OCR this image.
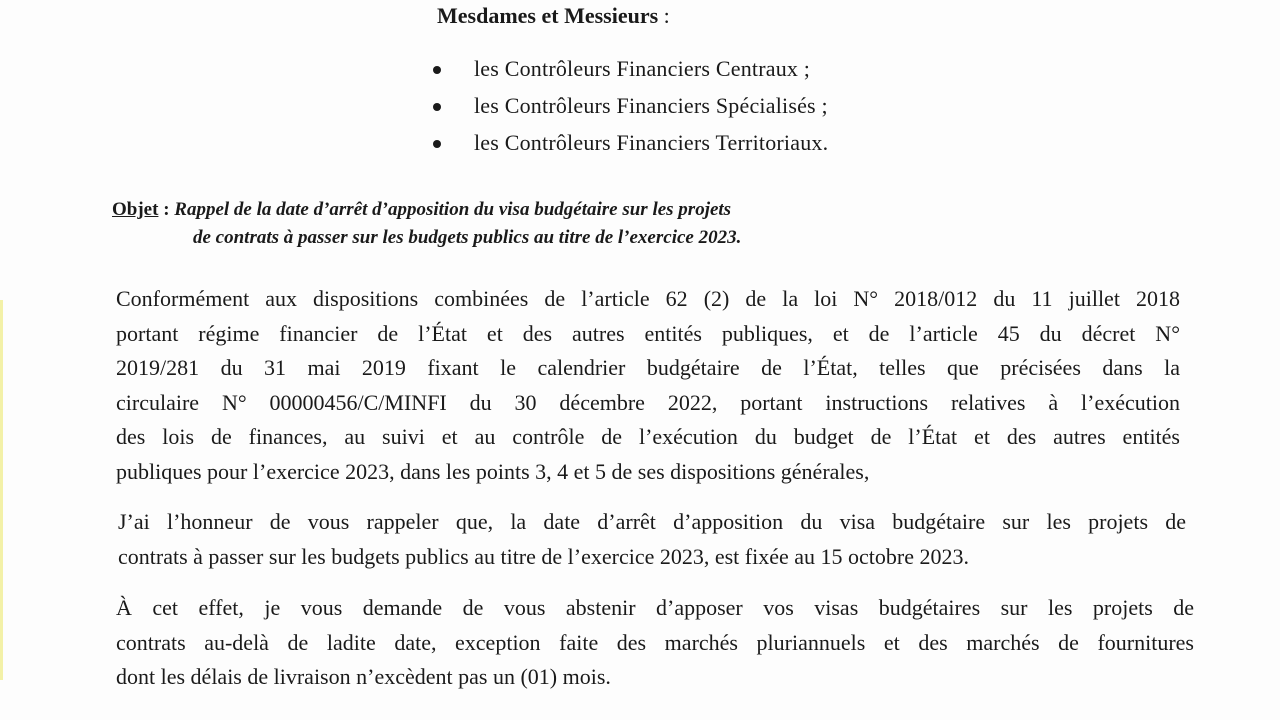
Mesdames et Messieurs :
les Contrôleurs Financiers Centraux ;
les Contrôleurs Financiers Spécialisés ;
les Contrôleurs Financiers Territoriaux.
Objet : Rappel de la date d’arrêt d’apposition du visa budgétaire sur les projets
de contrats à passer sur les budgets publics au titre de l’exercice 2023.
Conformément aux dispositions combinées de l’article 62 (2) de la loi N° 2018/012 du 11 juillet 2018
portant régime financier de l’État et des autres entités publiques, et de l’article 45 du décret N°
2019/281 du 31 mai 2019 fixant le calendrier budgétaire de l’État, telles que précisées dans la
circulaire N° 00000456/C/MINFI du 30 décembre 2022, portant instructions relatives à l’exécution
des lois de finances, au suivi et au contrôle de l’exécution du budget de l’État et des autres entités
publiques pour l’exercice 2023, dans les points 3, 4 et 5 de ses dispositions générales,
J’ai l’honneur de vous rappeler que, la date d’arrêt d’apposition du visa budgétaire sur les projets de
contrats à passer sur les budgets publics au titre de l’exercice 2023, est fixée au 15 octobre 2023.
À cet effet, je vous demande de vous abstenir d’apposer vos visas budgétaires sur les projets de
contrats au-delà de ladite date, exception faite des marchés pluriannuels et des marchés de fournitures
dont les délais de livraison n’excèdent pas un (01) mois.
